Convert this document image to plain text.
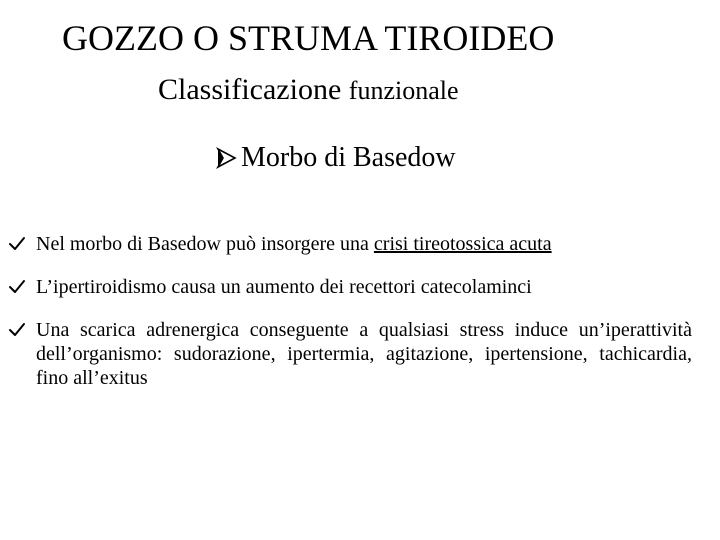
GOZZO O STRUMA TIROIDEO
Classificazione funzionale
Morbo di Basedow
Nel morbo di Basedow può insorgere una crisi tireotossica acuta
L’ipertiroidismo causa un aumento dei recettori catecolaminci
Una scarica adrenergica conseguente a qualsiasi stress induce un’iperattività dell’organismo: sudorazione, ipertermia, agitazione, ipertensione, tachicardia, fino all’exitus
